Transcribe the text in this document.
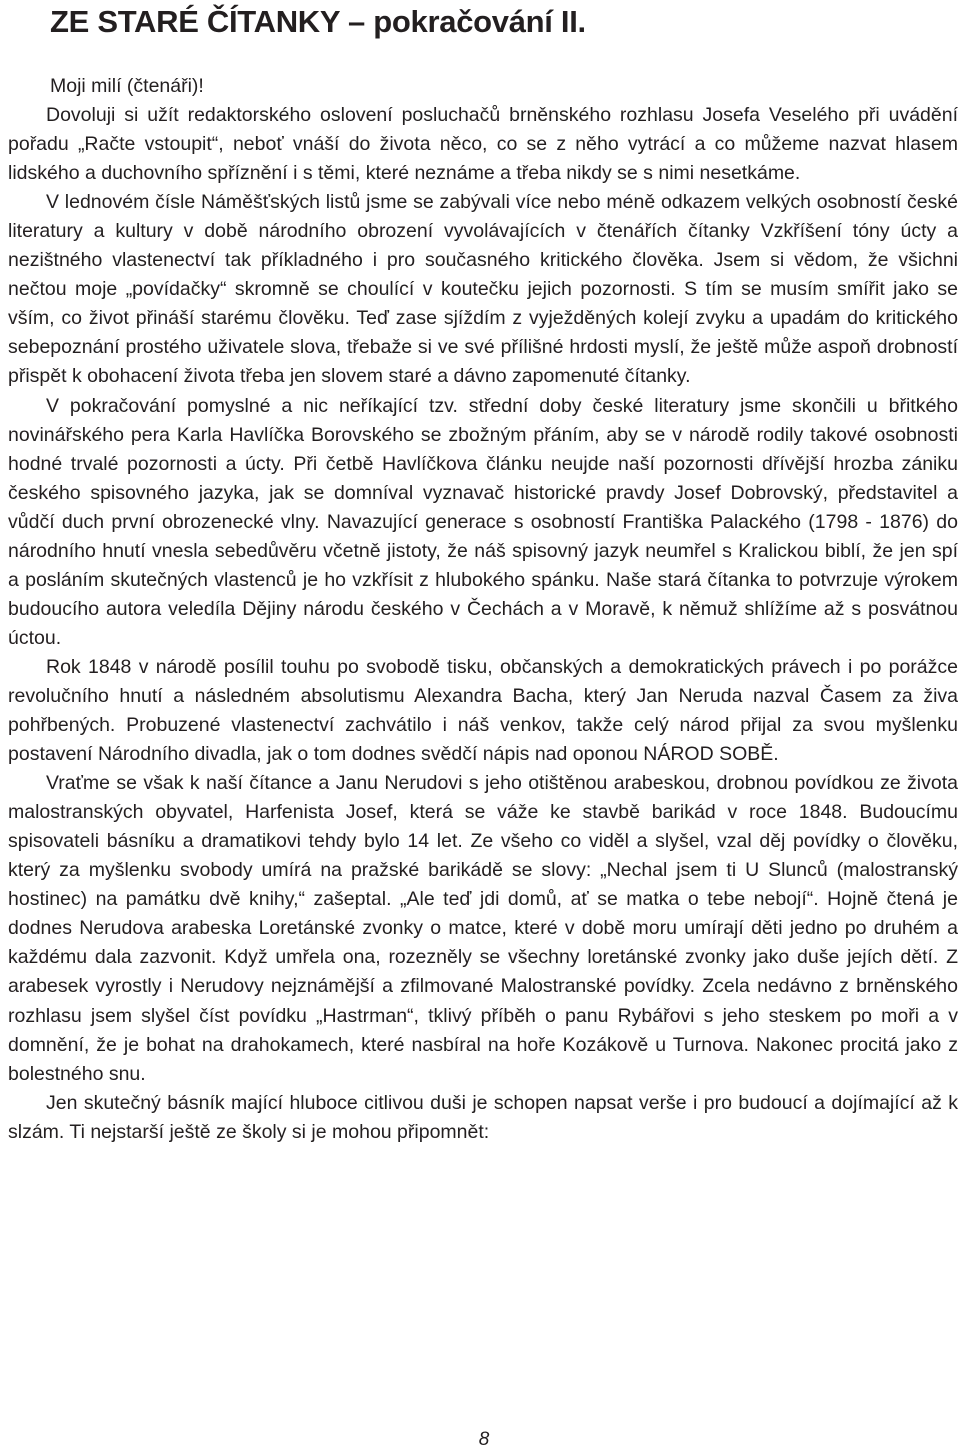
ZE STARÉ ČÍTANKY – pokračování II.

Moji milí (čtenáři)!

Dovoluji si užít redaktorského oslovení posluchačů brněnského rozhlasu Josefa Veselého při uvádění pořadu „Račte vstoupit“, neboť vnáší do života něco, co se z něho vytrácí a co můžeme nazvat hlasem lidského a duchovního spříznění i s těmi, které neznáme a třeba nikdy se s nimi nesetkáme.

V lednovém čísle Náměšťských listů jsme se zabývali více nebo méně odkazem velkých osobností české literatury a kultury v době národního obrození vyvolávajících v čtenářích čítanky Vzkříšení tóny úcty a nezištného vlastenectví tak příkladného i pro současného kritického člověka. Jsem si vědom, že všichni nečtou moje „povídačky“ skromně se choulící v koutečku jejich pozornosti. S tím se musím smířit jako se vším, co život přináší starému člověku. Teď zase sjíždím z vyježděných kolejí zvyku a upadám do kritického sebepoznání prostého uživatele slova, třebaže si ve své přílišné hrdosti myslí, že ještě může aspoň drobností přispět k obohacení života třeba jen slovem staré a dávno zapomenuté čítanky.

V pokračování pomyslné a nic neříkající tzv. střední doby české literatury jsme skončili u břitkého novinářského pera Karla Havlíčka Borovského se zbožným přáním, aby se v národě rodily takové osobnosti hodné trvalé pozornosti a úcty. Při četbě Havlíčkova článku neujde naší pozornosti dřívější hrozba zániku českého spisovného jazyka, jak se domníval vyznavač historické pravdy Josef Dobrovský, představitel a vůdčí duch první obrozenecké vlny. Navazující generace s osobností Františka Palackého (1798 - 1876) do národního hnutí vnesla sebedůvěru včetně jistoty, že náš spisovný jazyk neumřel s Kralickou biblí, že jen spí a posláním skutečných vlastenců je ho vzkřísit z hlubokého spánku. Naše stará čítanka to potvrzuje výrokem budoucího autora veledíla Dějiny národu českého v Čechách a v Moravě, k němuž shlížíme až s posvátnou úctou.

Rok 1848 v národě posílil touhu po svobodě tisku, občanských a demokratických právech i po porážce revolučního hnutí a následném absolutismu Alexandra Bacha, který Jan Neruda nazval Časem za živa pohřbených. Probuzené vlastenectví zachvátilo i náš venkov, takže celý národ přijal za svou myšlenku postavení Národního divadla, jak o tom dodnes svědčí nápis nad oponou NÁROD SOBĚ.

Vraťme se však k naší čítance a Janu Nerudovi s jeho otištěnou arabeskou, drobnou povídkou ze života malostranských obyvatel, Harfenista Josef, která se váže ke stavbě barikád v roce 1848. Budoucímu spisovateli básníku a dramatikovi tehdy bylo 14 let. Ze všeho co viděl a slyšel, vzal děj povídky o člověku, který za myšlenku svobody umírá na pražské barikádě se slovy: „Nechal jsem ti U Slunců (malostranský hostinec) na památku dvě knihy,“ zašeptal. „Ale teď jdi domů, ať se matka o tebe nebojí“. Hojně čtená je dodnes Nerudova arabeska Loretánské zvonky o matce, které v době moru umírají děti jedno po druhém a každému dala zazvonit. Když umřela ona, rozezněly se všechny loretánské zvonky jako duše jejích dětí. Z arabesek vyrostly i Nerudovy nejznámější a zfilmované Malostranské povídky. Zcela nedávno z brněnského rozhlasu jsem slyšel číst povídku „Hastrman“, tklivý příběh o panu Rybářovi s jeho steskem po moři a v domnění, že je bohat na drahokamech, které nasbíral na hoře Kozákově u Turnova. Nakonec procitá jako z bolestného snu.

Jen skutečný básník mající hluboce citlivou duši je schopen napsat verše i pro budoucí a dojímající až k slzám. Ti nejstarší ještě ze školy si je mohou připomnět:

8
